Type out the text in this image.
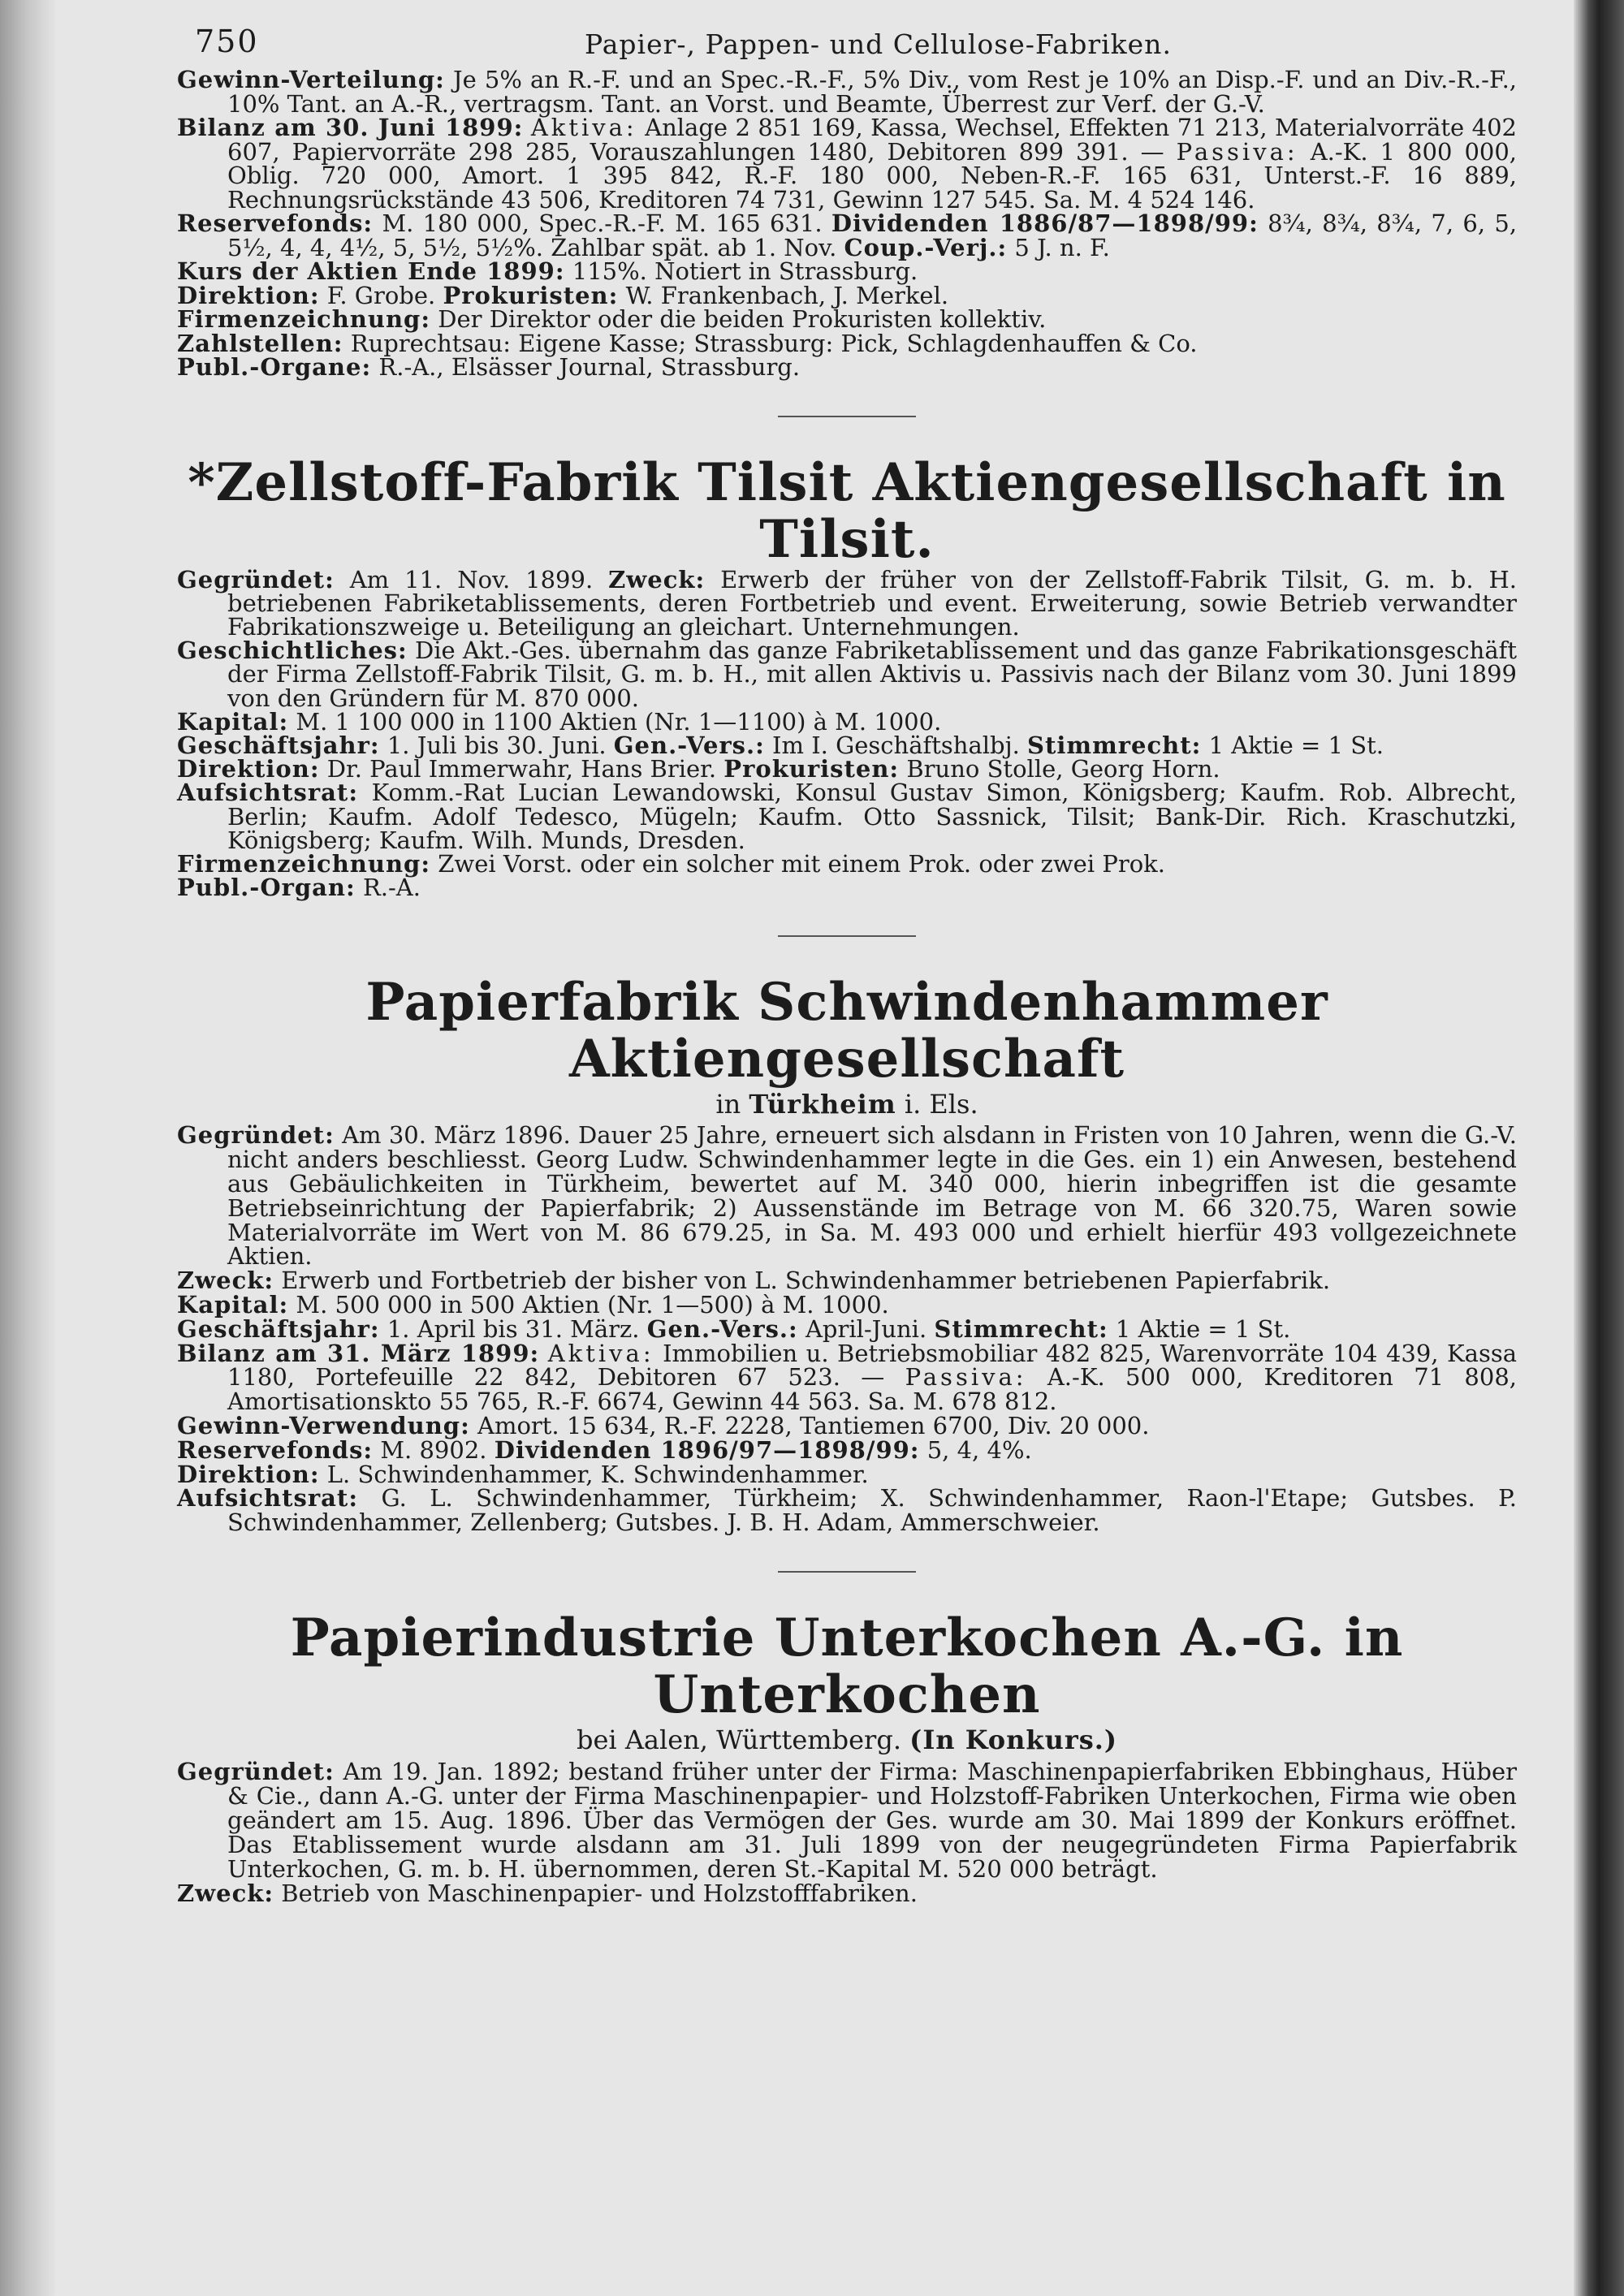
750	Papier-, Pappen- und Cellulose-Fabriken.

Gewinn-Verteilung: Je 5% an R.-F. und an Spec.-R.-F., 5% Div., vom Rest je 10% an Disp.-F. und an Div.-R.-F., 10% Tant. an A.-R., vertragsm. Tant. an Vorst. und Beamte, Überrest zur Verf. der G.-V.

Bilanz am 30. Juni 1899: Aktiva: Anlage 2 851 169, Kassa, Wechsel, Effekten 71 213, Materialvorräte 402 607, Papiervorräte 298 285, Vorauszahlungen 1480, Debitoren 899 391. — Passiva: A.-K. 1 800 000, Oblig. 720 000, Amort. 1 395 842, R.-F. 180 000, Neben-R.-F. 165 631, Unterst.-F. 16 889, Rechnungsrückstände 43 506, Kreditoren 74 731, Gewinn 127 545. Sa. M. 4 524 146.

Reservefonds: M. 180 000, Spec.-R.-F. M. 165 631. Dividenden 1886/87—1898/99: 8¾, 8¾, 8¾, 7, 6, 5, 5½, 4, 4, 4½, 5, 5½, 5½%. Zahlbar spät. ab 1. Nov. Coup.-Verj.: 5 J. n. F.

Kurs der Aktien Ende 1899: 115%. Notiert in Strassburg.

Direktion: F. Grobe. Prokuristen: W. Frankenbach, J. Merkel.

Firmenzeichnung: Der Direktor oder die beiden Prokuristen kollektiv.

Zahlstellen: Ruprechtsau: Eigene Kasse; Strassburg: Pick, Schlagdenhauffen & Co.

Publ.-Organe: R.-A., Elsässer Journal, Strassburg.

*Zellstoff-Fabrik Tilsit Aktiengesellschaft in Tilsit.

Gegründet: Am 11. Nov. 1899. Zweck: Erwerb der früher von der Zellstoff-Fabrik Tilsit, G. m. b. H. betriebenen Fabriketablissements, deren Fortbetrieb und event. Erweiterung, sowie Betrieb verwandter Fabrikationszweige u. Beteiligung an gleichart. Unternehmungen.

Geschichtliches: Die Akt.-Ges. übernahm das ganze Fabriketablissement und das ganze Fabrikationsgeschäft der Firma Zellstoff-Fabrik Tilsit, G. m. b. H., mit allen Aktivis u. Passivis nach der Bilanz vom 30. Juni 1899 von den Gründern für M. 870 000.

Kapital: M. 1 100 000 in 1100 Aktien (Nr. 1—1100) à M. 1000.

Geschäftsjahr: 1. Juli bis 30. Juni. Gen.-Vers.: Im I. Geschäftshalbj. Stimmrecht: 1 Aktie = 1 St.

Direktion: Dr. Paul Immerwahr, Hans Brier. Prokuristen: Bruno Stolle, Georg Horn.

Aufsichtsrat: Komm.-Rat Lucian Lewandowski, Konsul Gustav Simon, Königsberg; Kaufm. Rob. Albrecht, Berlin; Kaufm. Adolf Tedesco, Mügeln; Kaufm. Otto Sassnick, Tilsit; Bank-Dir. Rich. Kraschutzki, Königsberg; Kaufm. Wilh. Munds, Dresden.

Firmenzeichnung: Zwei Vorst. oder ein solcher mit einem Prok. oder zwei Prok.

Publ.-Organ: R.-A.

Papierfabrik Schwindenhammer Aktiengesellschaft
in Türkheim i. Els.

Gegründet: Am 30. März 1896. Dauer 25 Jahre, erneuert sich alsdann in Fristen von 10 Jahren, wenn die G.-V. nicht anders beschliesst. Georg Ludw. Schwindenhammer legte in die Ges. ein 1) ein Anwesen, bestehend aus Gebäulichkeiten in Türkheim, bewertet auf M. 340 000, hierin inbegriffen ist die gesamte Betriebseinrichtung der Papierfabrik; 2) Aussenstände im Betrage von M. 66 320.75, Waren sowie Materialvorräte im Wert von M. 86 679.25, in Sa. M. 493 000 und erhielt hierfür 493 vollgezeichnete Aktien.

Zweck: Erwerb und Fortbetrieb der bisher von L. Schwindenhammer betriebenen Papierfabrik.

Kapital: M. 500 000 in 500 Aktien (Nr. 1—500) à M. 1000.

Geschäftsjahr: 1. April bis 31. März. Gen.-Vers.: April-Juni. Stimmrecht: 1 Aktie = 1 St.

Bilanz am 31. März 1899: Aktiva: Immobilien u. Betriebsmobiliar 482 825, Warenvorräte 104 439, Kassa 1180, Portefeuille 22 842, Debitoren 67 523. — Passiva: A.-K. 500 000, Kreditoren 71 808, Amortisationskto 55 765, R.-F. 6674, Gewinn 44 563. Sa. M. 678 812.

Gewinn-Verwendung: Amort. 15 634, R.-F. 2228, Tantiemen 6700, Div. 20 000.

Reservefonds: M. 8902. Dividenden 1896/97—1898/99: 5, 4, 4%.

Direktion: L. Schwindenhammer, K. Schwindenhammer.

Aufsichtsrat: G. L. Schwindenhammer, Türkheim; X. Schwindenhammer, Raon-l'Etape; Gutsbes. P. Schwindenhammer, Zellenberg; Gutsbes. J. B. H. Adam, Ammerschweier.

Papierindustrie Unterkochen A.-G. in Unterkochen
bei Aalen, Württemberg. (In Konkurs.)

Gegründet: Am 19. Jan. 1892; bestand früher unter der Firma: Maschinenpapierfabriken Ebbinghaus, Hüber & Cie., dann A.-G. unter der Firma Maschinenpapier- und Holzstoff-Fabriken Unterkochen, Firma wie oben geändert am 15. Aug. 1896. Über das Vermögen der Ges. wurde am 30. Mai 1899 der Konkurs eröffnet. Das Etablissement wurde alsdann am 31. Juli 1899 von der neugegründeten Firma Papierfabrik Unterkochen, G. m. b. H. übernommen, deren St.-Kapital M. 520 000 beträgt.

Zweck: Betrieb von Maschinenpapier- und Holzstofffabriken.
